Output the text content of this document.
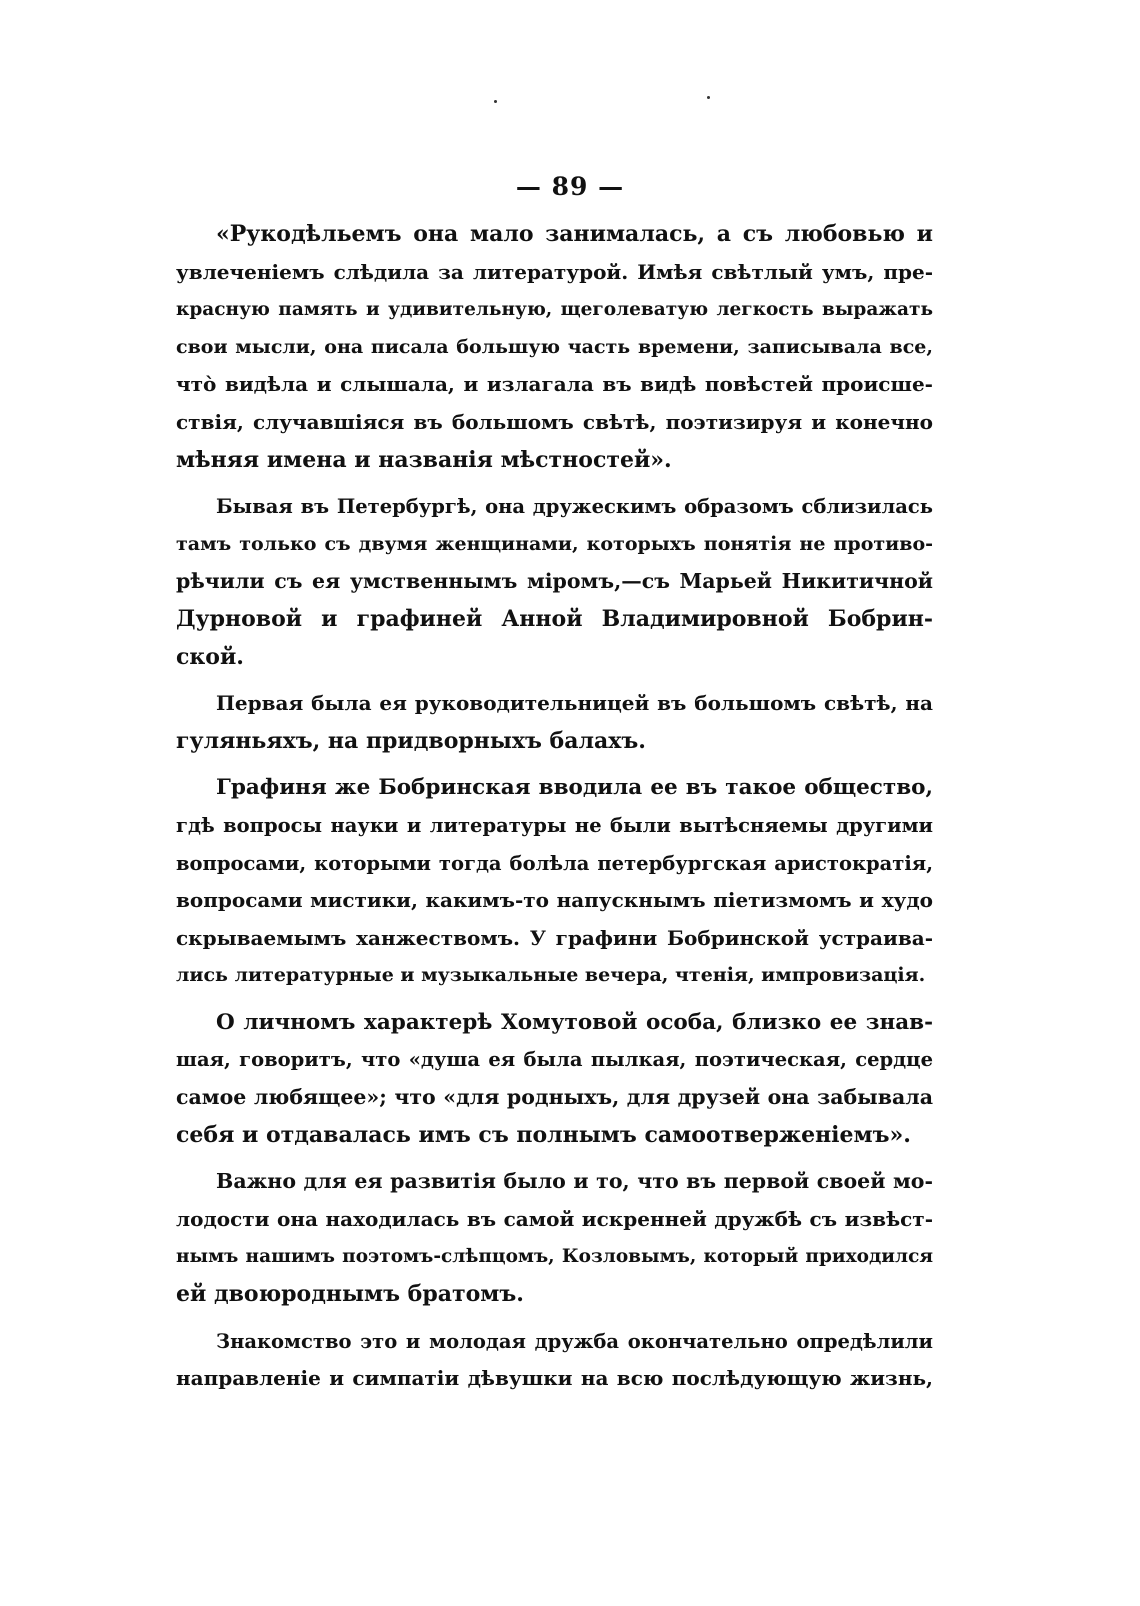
— 89 —
«Рукодѣльемъ она мало занималась, а съ любовью и
увлеченіемъ слѣдила за литературой. Имѣя свѣтлый умъ, пре-
красную память и удивительную, щеголеватую легкость выражать
свои мысли, она писала большую часть времени, записывала все,
что̀ видѣла и слышала, и излагала въ видѣ повѣстей происше-
ствія, случавшіяся въ большомъ свѣтѣ, поэтизируя и конечно
мѣняя имена и названія мѣстностей».
Бывая въ Петербургѣ, она дружескимъ образомъ сблизилась
тамъ только съ двумя женщинами, которыхъ понятія не противо-
рѣчили съ ея умственнымъ міромъ,—съ Марьей Никитичной
Дурновой и графиней Анной Владимировной Бобрин-
ской.
Первая была ея руководительницей въ большомъ свѣтѣ, на
гуляньяхъ, на придворныхъ балахъ.
Графиня же Бобринская вводила ее въ такое общество,
гдѣ вопросы науки и литературы не были вытѣсняемы другими
вопросами, которыми тогда болѣла петербургская аристократія,
вопросами мистики, какимъ-то напускнымъ піетизмомъ и худо
скрываемымъ ханжествомъ. У графини Бобринской устраива-
лись литературные и музыкальные вечера, чтенія, импровизація.
О личномъ характерѣ Хомутовой особа, близко ее знав-
шая, говоритъ, что «душа ея была пылкая, поэтическая, сердце
самое любящее»; что «для родныхъ, для друзей она забывала
себя и отдавалась имъ съ полнымъ самоотверженіемъ».
Важно для ея развитія было и то, что въ первой своей мо-
лодости она находилась въ самой искренней дружбѣ съ извѣст-
нымъ нашимъ поэтомъ-слѣпцомъ, Козловымъ, который приходился
ей двоюроднымъ братомъ.
Знакомство это и молодая дружба окончательно опредѣлили
направленіе и симпатіи дѣвушки на всю послѣдующую жизнь,
